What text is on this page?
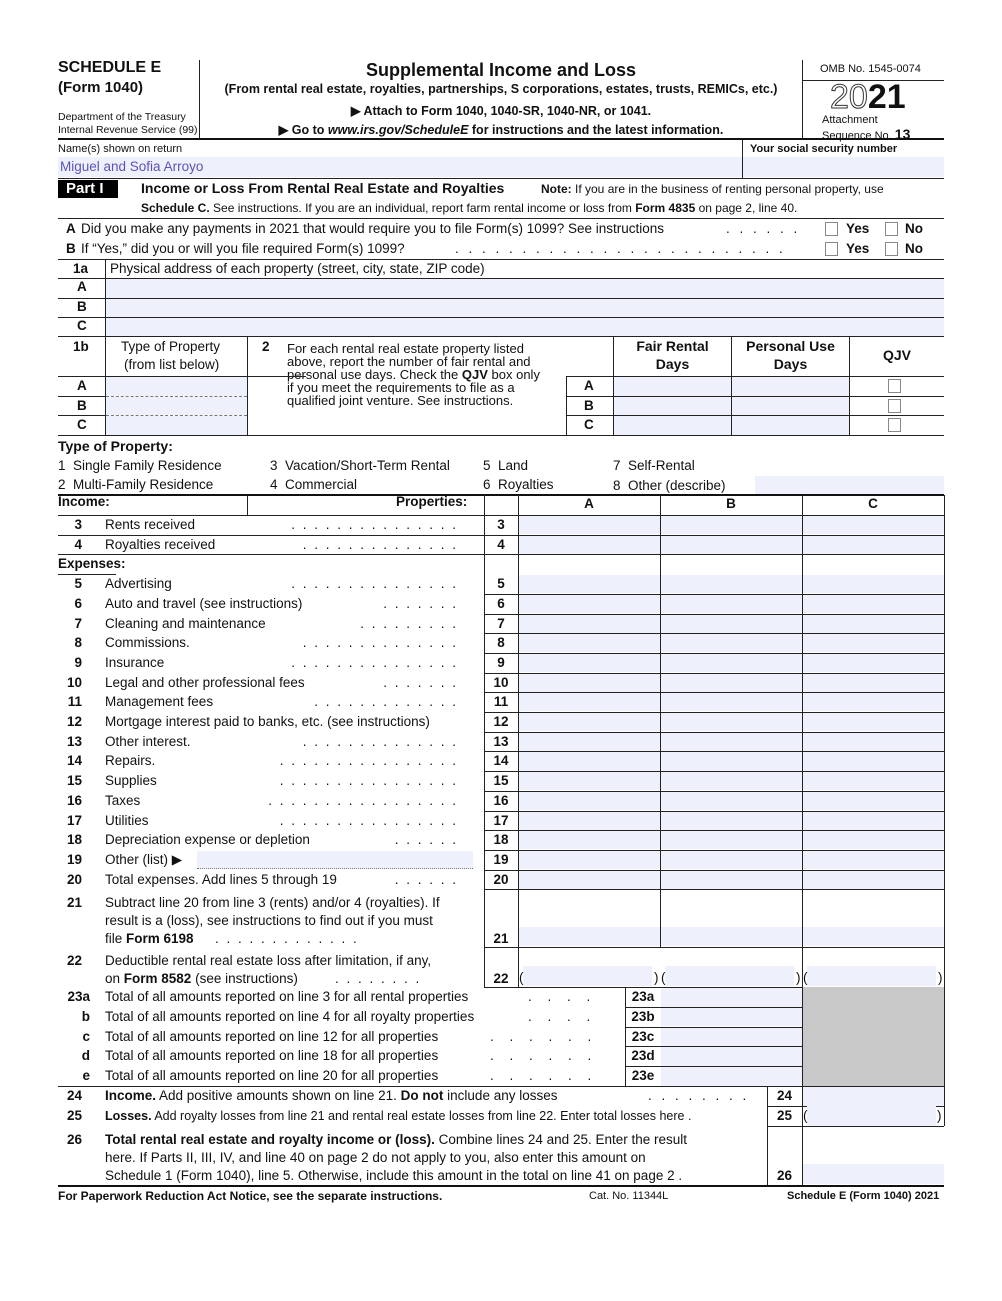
SCHEDULE E
(Form 1040)
Department of the Treasury
Internal Revenue Service (99)
Supplemental Income and Loss
(From rental real estate, royalties, partnerships, S corporations, estates, trusts, REMICs, etc.)
▶ Attach to Form 1040, 1040-SR, 1040-NR, or 1041.
▶ Go to www.irs.gov/ScheduleE for instructions and the latest information.
OMB No. 1545-0074
2021
Attachment
Sequence No. 13
Name(s) shown on return
Miguel and Sofia Arroyo
Your social security number
Part I	Income or Loss From Rental Real Estate and Royalties	Note: If you are in the business of renting personal property, use
Schedule C. See instructions. If you are an individual, report farm rental income or loss from Form 4835 on page 2, line 40.
For Paperwork Reduction Act Notice, see the separate instructions.	Cat. No. 11344L	Schedule E (Form 1040) 2021
A Did you make any payments in 2021 that would require you to file Form(s) 1099? See instructions	. . . . . .	Yes	No
B If “Yes,” did you or will you file required Form(s) 1099?	. . . . . . . . . . . . . . . . . . . . . . . . .	Yes	No
1a Physical address of each property (street, city, state, ZIP code)
A
B
C
1b Type of Property
(from list below)
2 For each rental real estate property listed
above, report the number of fair rental and
personal use days. Check the QJV box only
if you meet the requirements to file as a
qualified joint venture. See instructions.
Fair Rental
Days
Personal Use
Days
QJV
A	A
B	B
C	C
Type of Property:
1  Single Family Residence
2  Multi-Family Residence
3  Vacation/Short-Term Rental
4  Commercial
5  Land
6  Royalties
7  Self-Rental
8  Other (describe)
Income:	Properties:	A	B	C
3 Rents received	. . . . . . . . . . . . . . .	3
4 Royalties received	. . . . . . . . . . . . . .	4
Expenses:
5 Advertising	. . . . . . . . . . . . . . .	5
6 Auto and travel (see instructions)	. . . . . . .	6
7 Cleaning and maintenance	. . . . . . . . .	7
8 Commissions.	. . . . . . . . . . . . . .	8
9 Insurance	. . . . . . . . . . . . . . .	9
10 Legal and other professional fees	. . . . . . .	10
11 Management fees	. . . . . . . . . . . . .	11
12 Mortgage interest paid to banks, etc. (see instructions)	12
13 Other interest.	. . . . . . . . . . . . . .	13
14 Repairs.	. . . . . . . . . . . . . . . .	14
15 Supplies	. . . . . . . . . . . . . . . .	15
16 Taxes	. . . . . . . . . . . . . . . . .	16
17 Utilities	. . . . . . . . . . . . . . . .	17
18 Depreciation expense or depletion	. . . . . .	18
19 Other (list) ▶	19
20 Total expenses. Add lines 5 through 19	. . . . . .	20
21 Subtract line 20 from line 3 (rents) and/or 4 (royalties). If
result is a (loss), see instructions to find out if you must
file Form 6198 . . . . . . . . . . . . .	21
22 Deductible rental real estate loss after limitation, if any,
on Form 8582 (see instructions)	. . . . . . . .	22 (	) (	) (	)
23a Total of all amounts reported on line 3 for all rental properties	. . . .	23a
b Total of all amounts reported on line 4 for all royalty properties	. . . .	23b
c Total of all amounts reported on line 12 for all properties	. . . . . .	23c
d Total of all amounts reported on line 18 for all properties	. . . . . .	23d
e Total of all amounts reported on line 20 for all properties	. . . . . .	23e
24 Income. Add positive amounts shown on line 21. Do not include any losses	. . . . . . . .	24
25 Losses. Add royalty losses from line 21 and rental real estate losses from line 22. Enter total losses here .	25 (	)
26 Total rental real estate and royalty income or (loss). Combine lines 24 and 25. Enter the result
here. If Parts II, III, IV, and line 40 on page 2 do not apply to you, also enter this amount on
Schedule 1 (Form 1040), line 5. Otherwise, include this amount in the total on line 41 on page 2 .	26
